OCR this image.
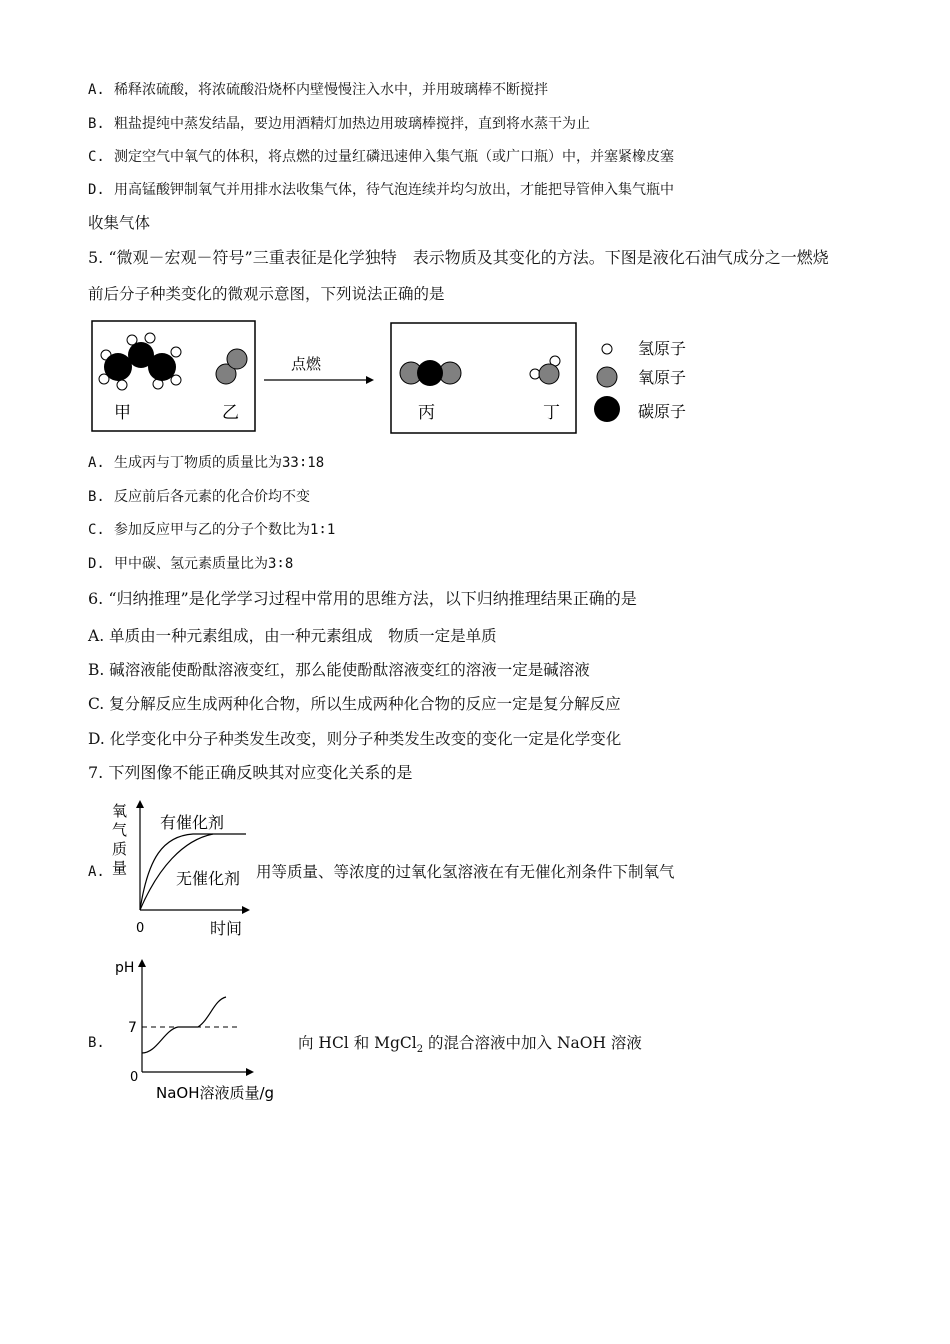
A. 稀释浓硫酸，将浓硫酸沿烧杯内壁慢慢注入水中，并用玻璃棒不断搅拌
B. 粗盐提纯中蒸发结晶，要边用酒精灯加热边用玻璃棒搅拌，直到将水蒸干为止
C. 测定空气中氧气的体积，将点燃的过量红磷迅速伸入集气瓶（或广口瓶）中，并塞紧橡皮塞
D. 用高锰酸钾制氧气并用排水法收集气体，待气泡连续并均匀放出，才能把导管伸入集气瓶中
收集气体
5. “微观－宏观－符号”三重表征是化学独特　表示物质及其变化的方法。下图是液化石油气成分之一燃烧
前后分子种类变化的微观示意图，下列说法正确的是
甲	乙
点燃
丙	丁
氢原子
氧原子
碳原子
A. 生成丙与丁物质的质量比为33∶18
B. 反应前后各元素的化合价均不变
C. 参加反应甲与乙的分子个数比为1∶1
D. 甲中碳、氢元素质量比为3∶8
6. “归纳推理”是化学学习过程中常用的思维方法，以下归纳推理结果正确的是
A. 单质由一种元素组成，由一种元素组成　物质一定是单质
B. 碱溶液能使酚酞溶液变红，那么能使酚酞溶液变红的溶液一定是碱溶液
C. 复分解反应生成两种化合物，所以生成两种化合物的反应一定是复分解反应
D. 化学变化中分子种类发生改变，则分子种类发生改变的变化一定是化学变化
7. 下列图像不能正确反映其对应变化关系的是
A.
氧
气
质
量
有催化剂
无催化剂
0	时间
用等质量、等浓度的过氧化氢溶液在有无催化剂条件下制氧气
B.
pH
7
0
NaOH溶液质量/g
向 HCl 和 MgCl$_2$ 的混合溶液中加入 NaOH 溶液
